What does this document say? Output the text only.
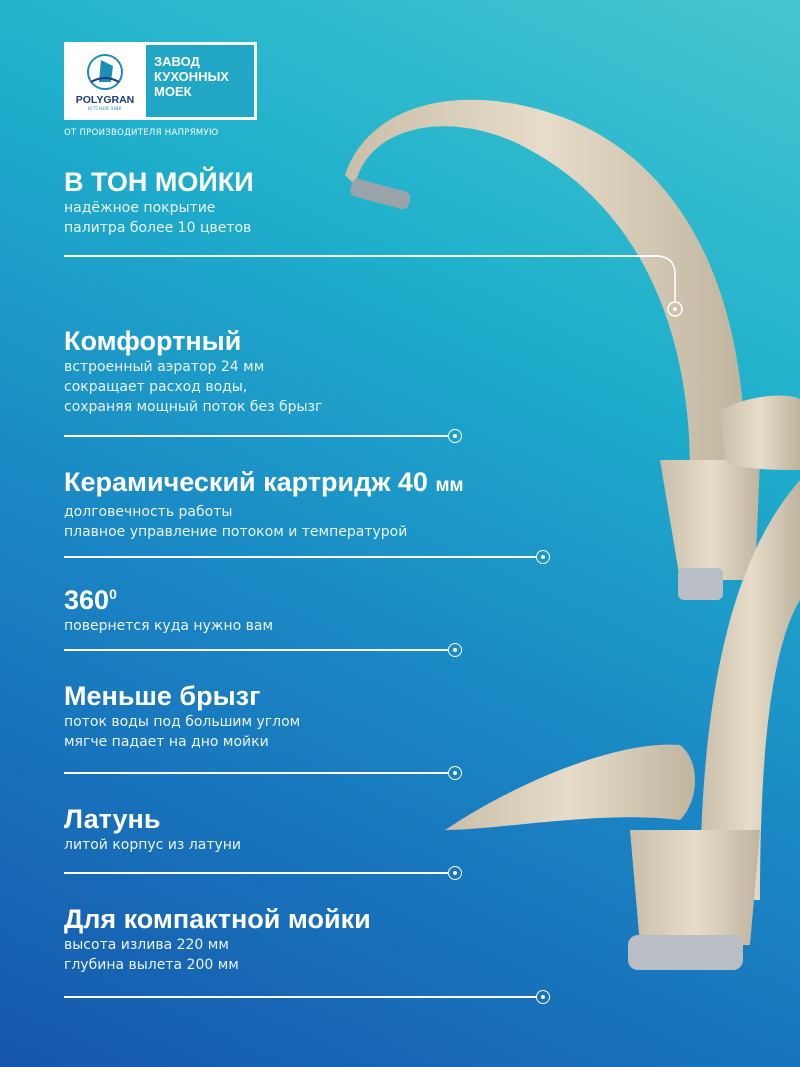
POLYGRAN
KITCHEN SINK
ЗАВОД
КУХОННЫХ
МОЕК
ОТ ПРОИЗВОДИТЕЛЯ НАПРЯМУЮ
В ТОН МОЙКИ

надёжное покрытие

палитра более 10 цветов

Комфортный

встроенный аэратор 24 мм

сокращает расход воды,

сохраняя мощный поток без брызг

Керамический картридж 40 мм

долговечность работы

плавное управление потоком и температурой

$360^0$

повернется куда нужно вам

Меньше брызг

поток воды под большим углом

мягче падает на дно мойки

Латунь

литой корпус из латуни

Для компактной мойки

высота излива 220 мм

глубина вылета 200 мм
